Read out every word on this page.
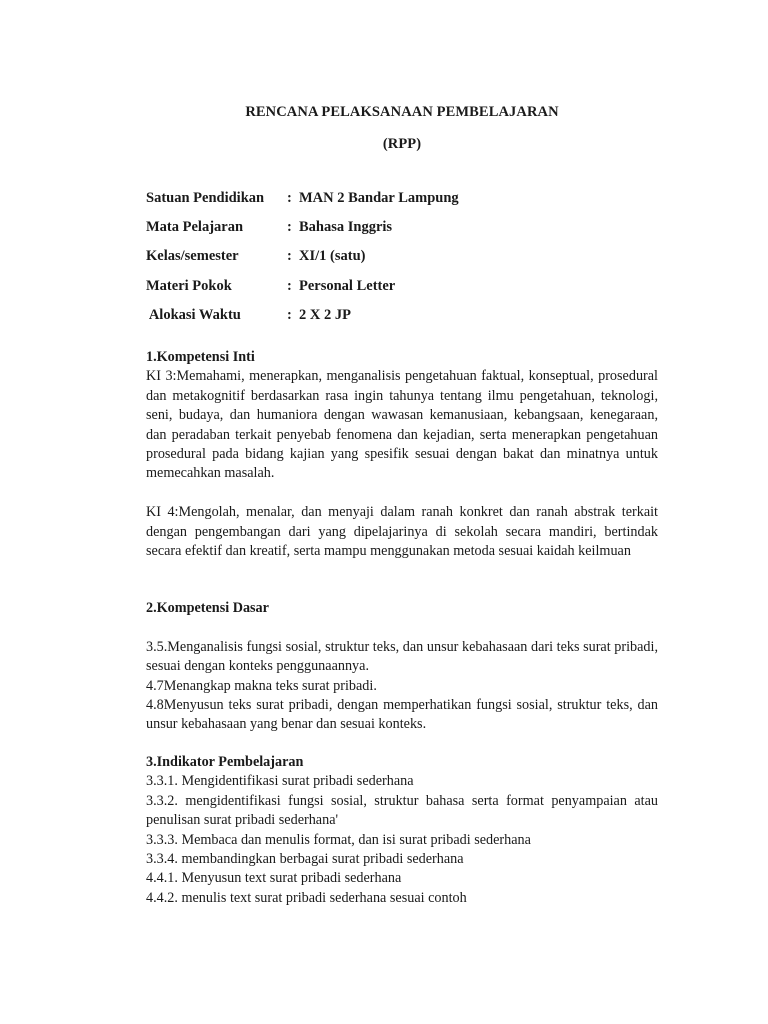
RENCANA PELAKSANAAN PEMBELAJARAN
(RPP)
Satuan Pendidikan	: MAN 2 Bandar Lampung
Mata Pelajaran	: Bahasa Inggris
Kelas/semester	: XI/1 (satu)
Materi Pokok	: Personal Letter
Alokasi Waktu	: 2 X 2 JP
1.Kompetensi Inti
KI 3:Memahami, menerapkan, menganalisis pengetahuan faktual, konseptual, prosedural dan metakognitif berdasarkan rasa ingin tahunya tentang ilmu pengetahuan, teknologi, seni, budaya, dan humaniora dengan wawasan kemanusiaan, kebangsaan, kenegaraan, dan peradaban terkait penyebab fenomena dan kejadian, serta menerapkan pengetahuan prosedural pada bidang kajian yang spesifik sesuai dengan bakat dan minatnya untuk memecahkan masalah.
KI 4:Mengolah, menalar, dan menyaji dalam ranah konkret dan ranah abstrak terkait dengan pengembangan dari yang dipelajarinya di sekolah secara mandiri, bertindak secara efektif dan kreatif, serta mampu menggunakan metoda sesuai kaidah keilmuan
2.Kompetensi Dasar
3.5.Menganalisis fungsi sosial, struktur teks, dan unsur kebahasaan dari teks surat pribadi, sesuai dengan konteks penggunaannya.
4.7Menangkap makna teks surat pribadi.
4.8Menyusun teks surat pribadi, dengan memperhatikan fungsi sosial, struktur teks, dan unsur kebahasaan yang benar dan sesuai konteks.
3.Indikator Pembelajaran
3.3.1. Mengidentifikasi surat pribadi sederhana
3.3.2. mengidentifikasi fungsi sosial, struktur bahasa serta format penyampaian atau penulisan surat pribadi sederhana'
3.3.3. Membaca dan menulis format, dan isi surat pribadi sederhana
3.3.4. membandingkan berbagai surat pribadi sederhana
4.4.1. Menyusun text surat pribadi sederhana
4.4.2. menulis text surat pribadi sederhana sesuai contoh
